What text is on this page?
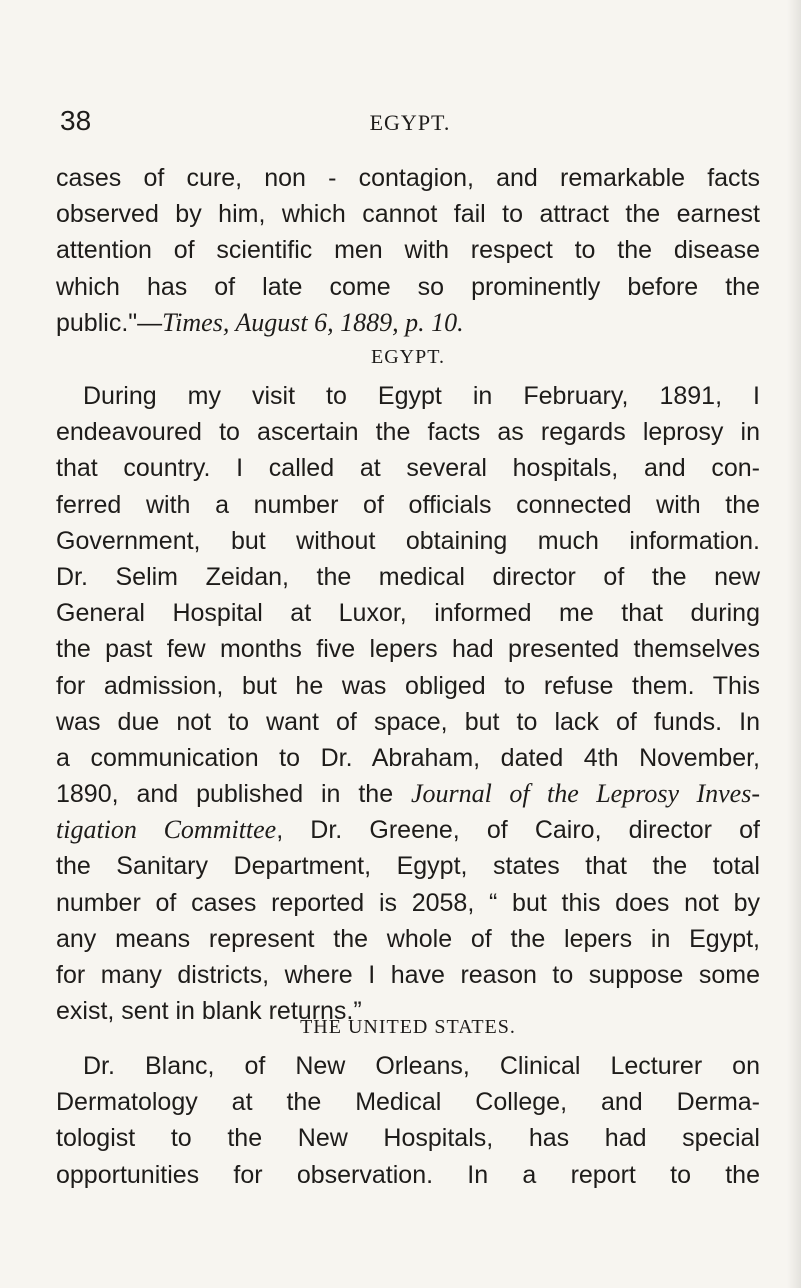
38	EGYPT.
cases of cure, non - contagion, and remarkable facts
observed by him, which cannot fail to attract the earnest
attention of scientific men with respect to the disease
which has of late come so prominently before the
public."—Times, August 6, 1889, p. 10.
EGYPT.
During my visit to Egypt in February, 1891, I
endeavoured to ascertain the facts as regards leprosy in
that country. I called at several hospitals, and con-
ferred with a number of officials connected with the
Government, but without obtaining much information.
Dr. Selim Zeidan, the medical director of the new
General Hospital at Luxor, informed me that during
the past few months five lepers had presented themselves
for admission, but he was obliged to refuse them. This
was due not to want of space, but to lack of funds. In
a communication to Dr. Abraham, dated 4th November,
1890, and published in the Journal of the Leprosy Inves-
tigation Committee, Dr. Greene, of Cairo, director of
the Sanitary Department, Egypt, states that the total
number of cases reported is 2058, “ but this does not by
any means represent the whole of the lepers in Egypt,
for many districts, where I have reason to suppose some
exist, sent in blank returns.”
THE UNITED STATES.
Dr. Blanc, of New Orleans, Clinical Lecturer on
Dermatology at the Medical College, and Derma-
tologist to the New Hospitals, has had special
opportunities for observation. In a report to the
